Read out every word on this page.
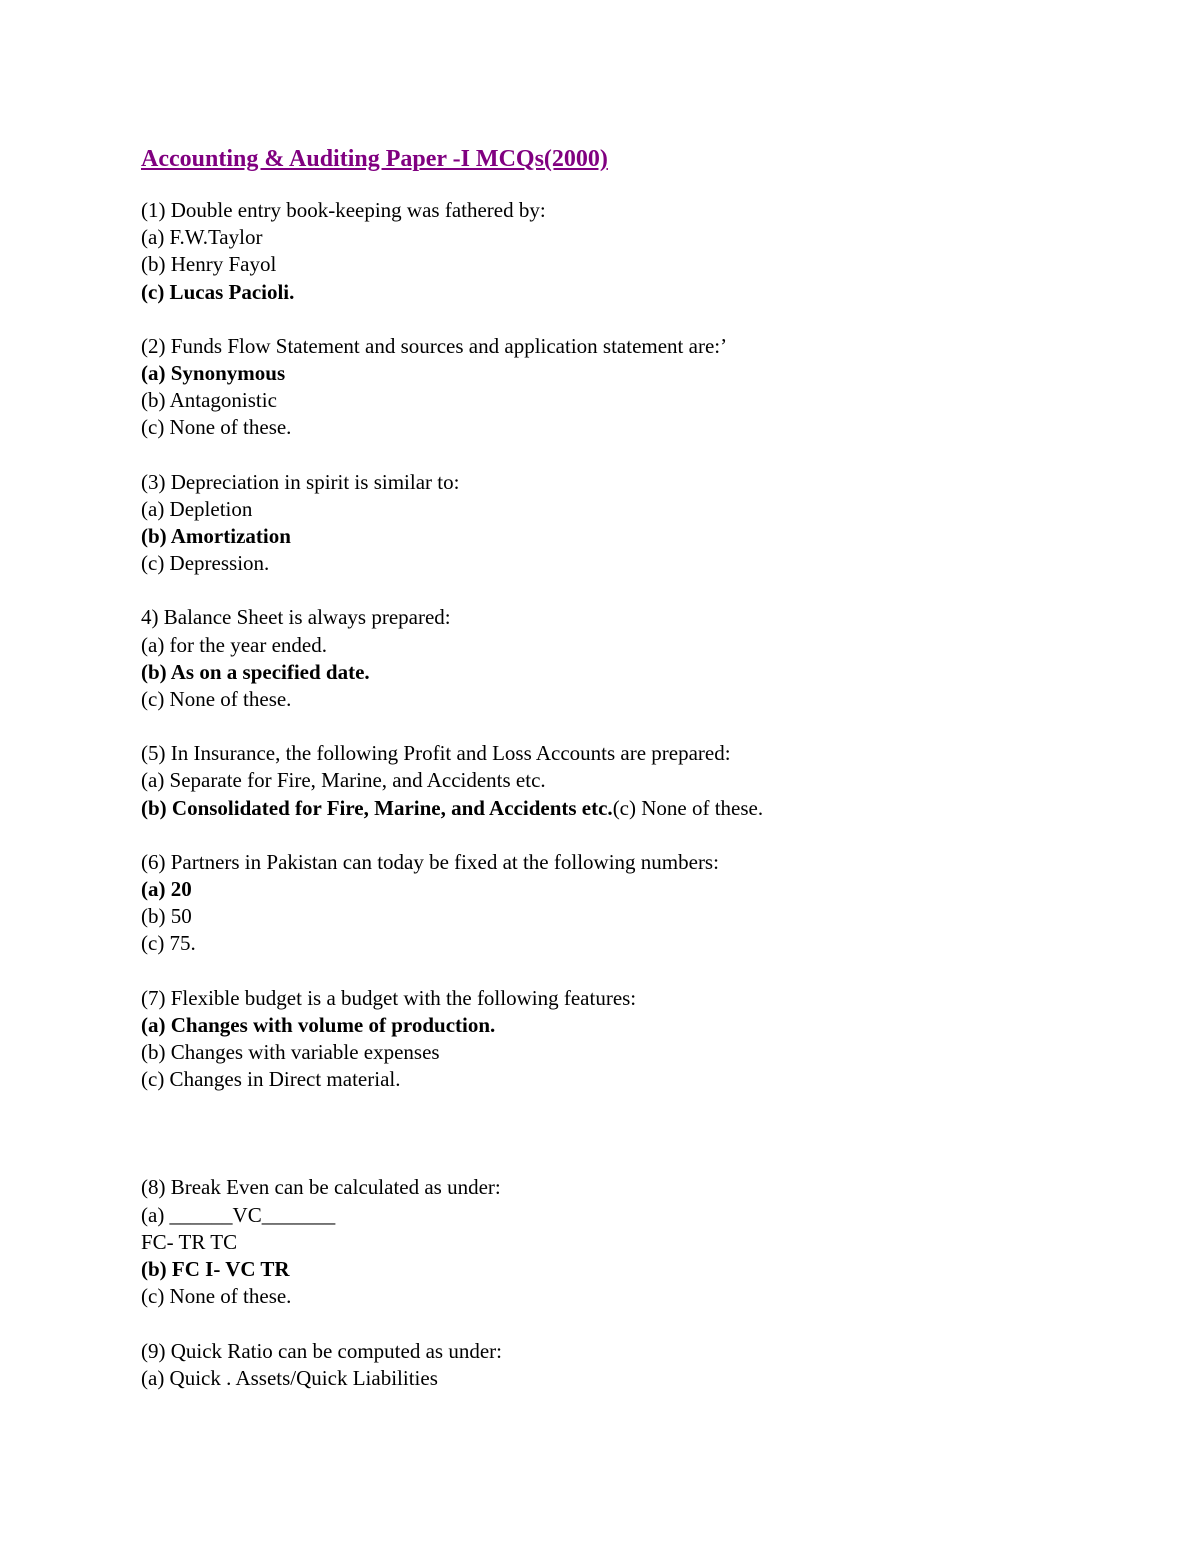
Accounting & Auditing Paper -I MCQs(2000)

(1) Double entry book-keeping was fathered by:

(a) F.W.Taylor

(b) Henry Fayol

(c) Lucas Pacioli.

(2) Funds Flow Statement and sources and application statement are:’

(a) Synonymous

(b) Antagonistic

(c) None of these.

(3) Depreciation in spirit is similar to:

(a) Depletion

(b) Amortization

(c) Depression.

4) Balance Sheet is always prepared:

(a) for the year ended.

(b) As on a specified date.

(c) None of these.

(5) In Insurance, the following Profit and Loss Accounts are prepared:

(a) Separate for Fire, Marine, and Accidents etc.

(b) Consolidated for Fire, Marine, and Accidents etc.(c) None of these.

(6) Partners in Pakistan can today be fixed at the following numbers:

(a) 20

(b) 50

(c) 75.

(7) Flexible budget is a budget with the following features:

(a) Changes with volume of production.

(b) Changes with variable expenses

(c) Changes in Direct material.

(8) Break Even can be calculated as under:

(a) ______VC_______

FC- TR TC

(b) FC I- VC TR

(c) None of these.

(9) Quick Ratio can be computed as under:

(a) Quick . Assets/Quick Liabilities
